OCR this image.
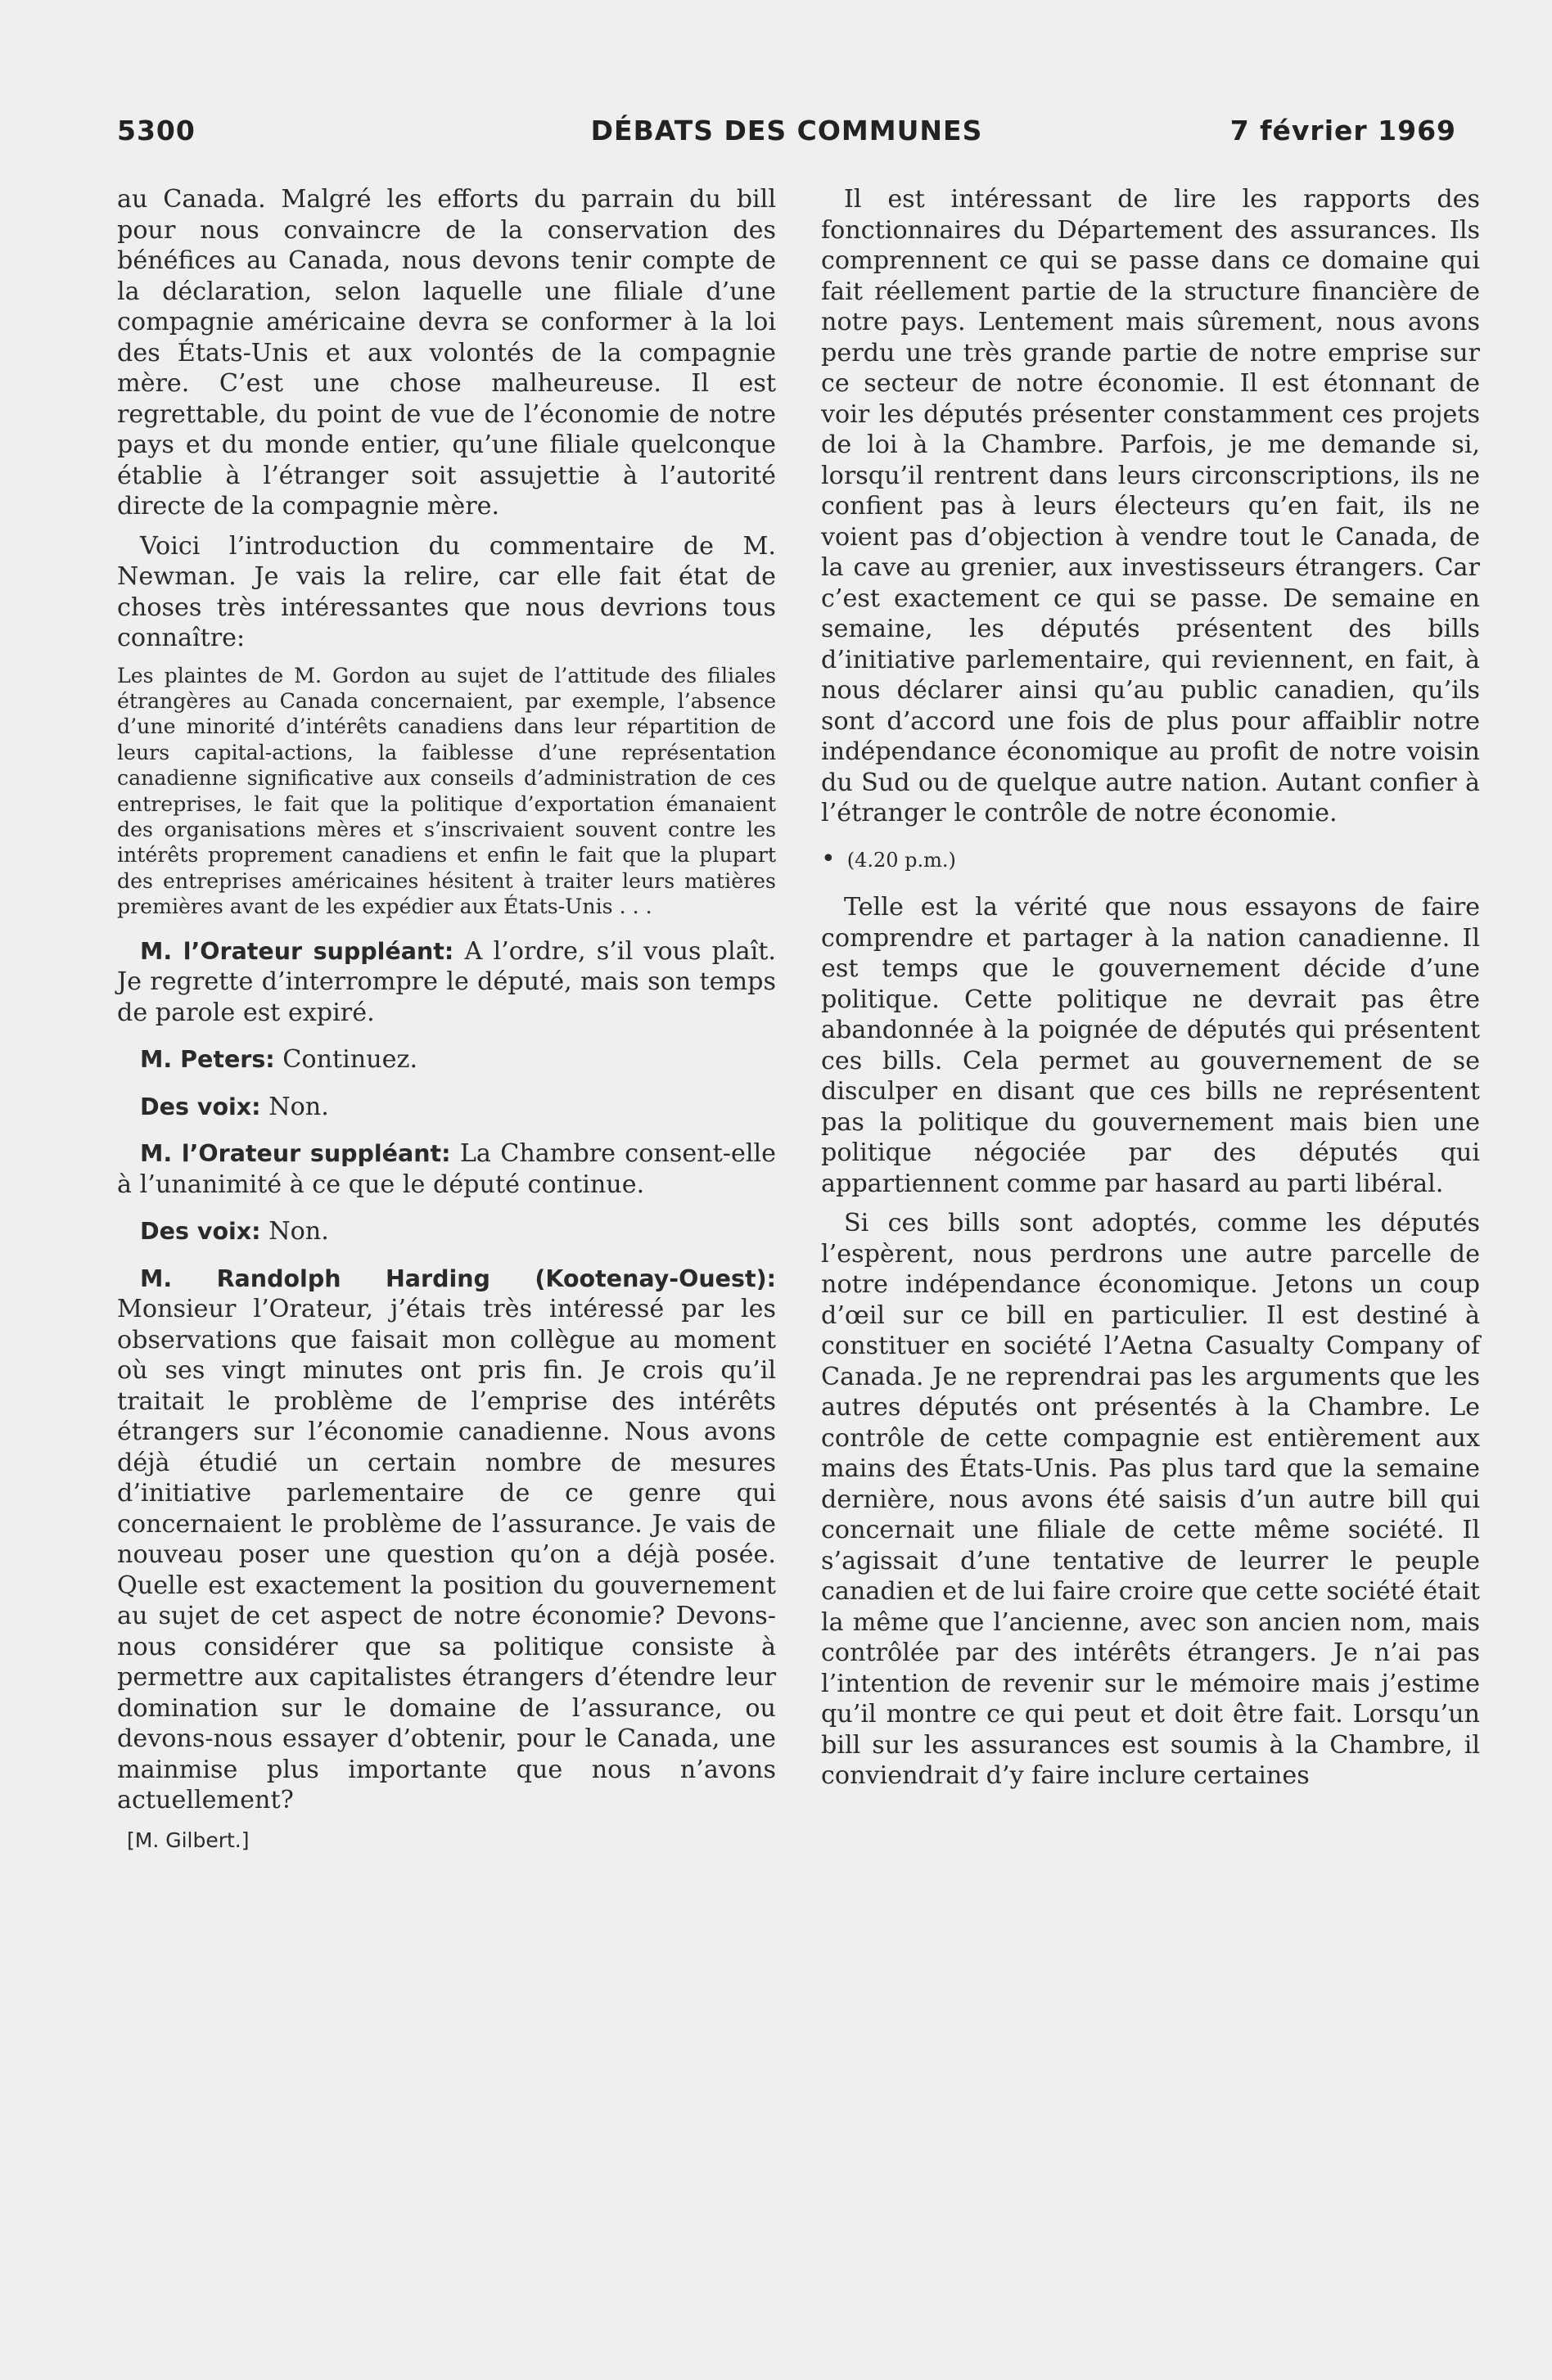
DÉBATS DES COMMUNES
5300	7 février 1969

au Canada. Malgré les efforts du parrain du bill pour nous convaincre de la conservation des bénéfices au Canada, nous devons tenir compte de la déclaration, selon laquelle une filiale d’une compagnie américaine devra se conformer à la loi des États-Unis et aux volontés de la compagnie mère. C’est une chose malheureuse. Il est regrettable, du point de vue de l’économie de notre pays et du monde entier, qu’une filiale quelconque établie à l’étranger soit assujettie à l’autorité directe de la compagnie mère.

Voici l’introduction du commentaire de M. Newman. Je vais la relire, car elle fait état de choses très intéressantes que nous devrions tous connaître:

Les plaintes de M. Gordon au sujet de l’attitude des filiales étrangères au Canada concernaient, par exemple, l’absence d’une minorité d’intérêts canadiens dans leur répartition de leurs capital-actions, la faiblesse d’une représentation canadienne significative aux conseils d’administration de ces entreprises, le fait que la politique d’exportation émanaient des organisations mères et s’inscrivaient souvent contre les intérêts proprement canadiens et enfin le fait que la plupart des entreprises américaines hésitent à traiter leurs matières premières avant de les expédier aux États-Unis . . .

M. l’Orateur suppléant: A l’ordre, s’il vous plaît. Je regrette d’interrompre le député, mais son temps de parole est expiré.

M. Peters: Continuez.

Des voix: Non.

M. l’Orateur suppléant: La Chambre consent-elle à l’unanimité à ce que le député continue.

Des voix: Non.

M. Randolph Harding (Kootenay-Ouest): Monsieur l’Orateur, j’étais très intéressé par les observations que faisait mon collègue au moment où ses vingt minutes ont pris fin. Je crois qu’il traitait le problème de l’emprise des intérêts étrangers sur l’économie canadienne. Nous avons déjà étudié un certain nombre de mesures d’initiative parlementaire de ce genre qui concernaient le problème de l’assurance. Je vais de nouveau poser une question qu’on a déjà posée. Quelle est exactement la position du gouvernement au sujet de cet aspect de notre économie? Devons-nous considérer que sa politique consiste à permettre aux capitalistes étrangers d’étendre leur domination sur le domaine de l’assurance, ou devons-nous essayer d’obtenir, pour le Canada, une mainmise plus importante que nous n’avons actuellement?

[M. Gilbert.]

Il est intéressant de lire les rapports des fonctionnaires du Département des assurances. Ils comprennent ce qui se passe dans ce domaine qui fait réellement partie de la structure financière de notre pays. Lentement mais sûrement, nous avons perdu une très grande partie de notre emprise sur ce secteur de notre économie. Il est étonnant de voir les députés présenter constamment ces projets de loi à la Chambre. Parfois, je me demande si, lorsqu’il rentrent dans leurs circonscriptions, ils ne confient pas à leurs électeurs qu’en fait, ils ne voient pas d’objection à vendre tout le Canada, de la cave au grenier, aux investisseurs étrangers. Car c’est exactement ce qui se passe. De semaine en semaine, les députés présentent des bills d’initiative parlementaire, qui reviennent, en fait, à nous déclarer ainsi qu’au public canadien, qu’ils sont d’accord une fois de plus pour affaiblir notre indépendance économique au profit de notre voisin du Sud ou de quelque autre nation. Autant confier à l’étranger le contrôle de notre économie.

• (4.20 p.m.)

Telle est la vérité que nous essayons de faire comprendre et partager à la nation canadienne. Il est temps que le gouvernement décide d’une politique. Cette politique ne devrait pas être abandonnée à la poignée de députés qui présentent ces bills. Cela permet au gouvernement de se disculper en disant que ces bills ne représentent pas la politique du gouvernement mais bien une politique négociée par des députés qui appartiennent comme par hasard au parti libéral.

Si ces bills sont adoptés, comme les députés l’espèrent, nous perdrons une autre parcelle de notre indépendance économique. Jetons un coup d’œil sur ce bill en particulier. Il est destiné à constituer en société l’Aetna Casualty Company of Canada. Je ne reprendrai pas les arguments que les autres députés ont présentés à la Chambre. Le contrôle de cette compagnie est entièrement aux mains des États-Unis. Pas plus tard que la semaine dernière, nous avons été saisis d’un autre bill qui concernait une filiale de cette même société. Il s’agissait d’une tentative de leurrer le peuple canadien et de lui faire croire que cette société était la même que l’ancienne, avec son ancien nom, mais contrôlée par des intérêts étrangers. Je n’ai pas l’intention de revenir sur le mémoire mais j’estime qu’il montre ce qui peut et doit être fait. Lorsqu’un bill sur les assurances est soumis à la Chambre, il conviendrait d’y faire inclure certaines
